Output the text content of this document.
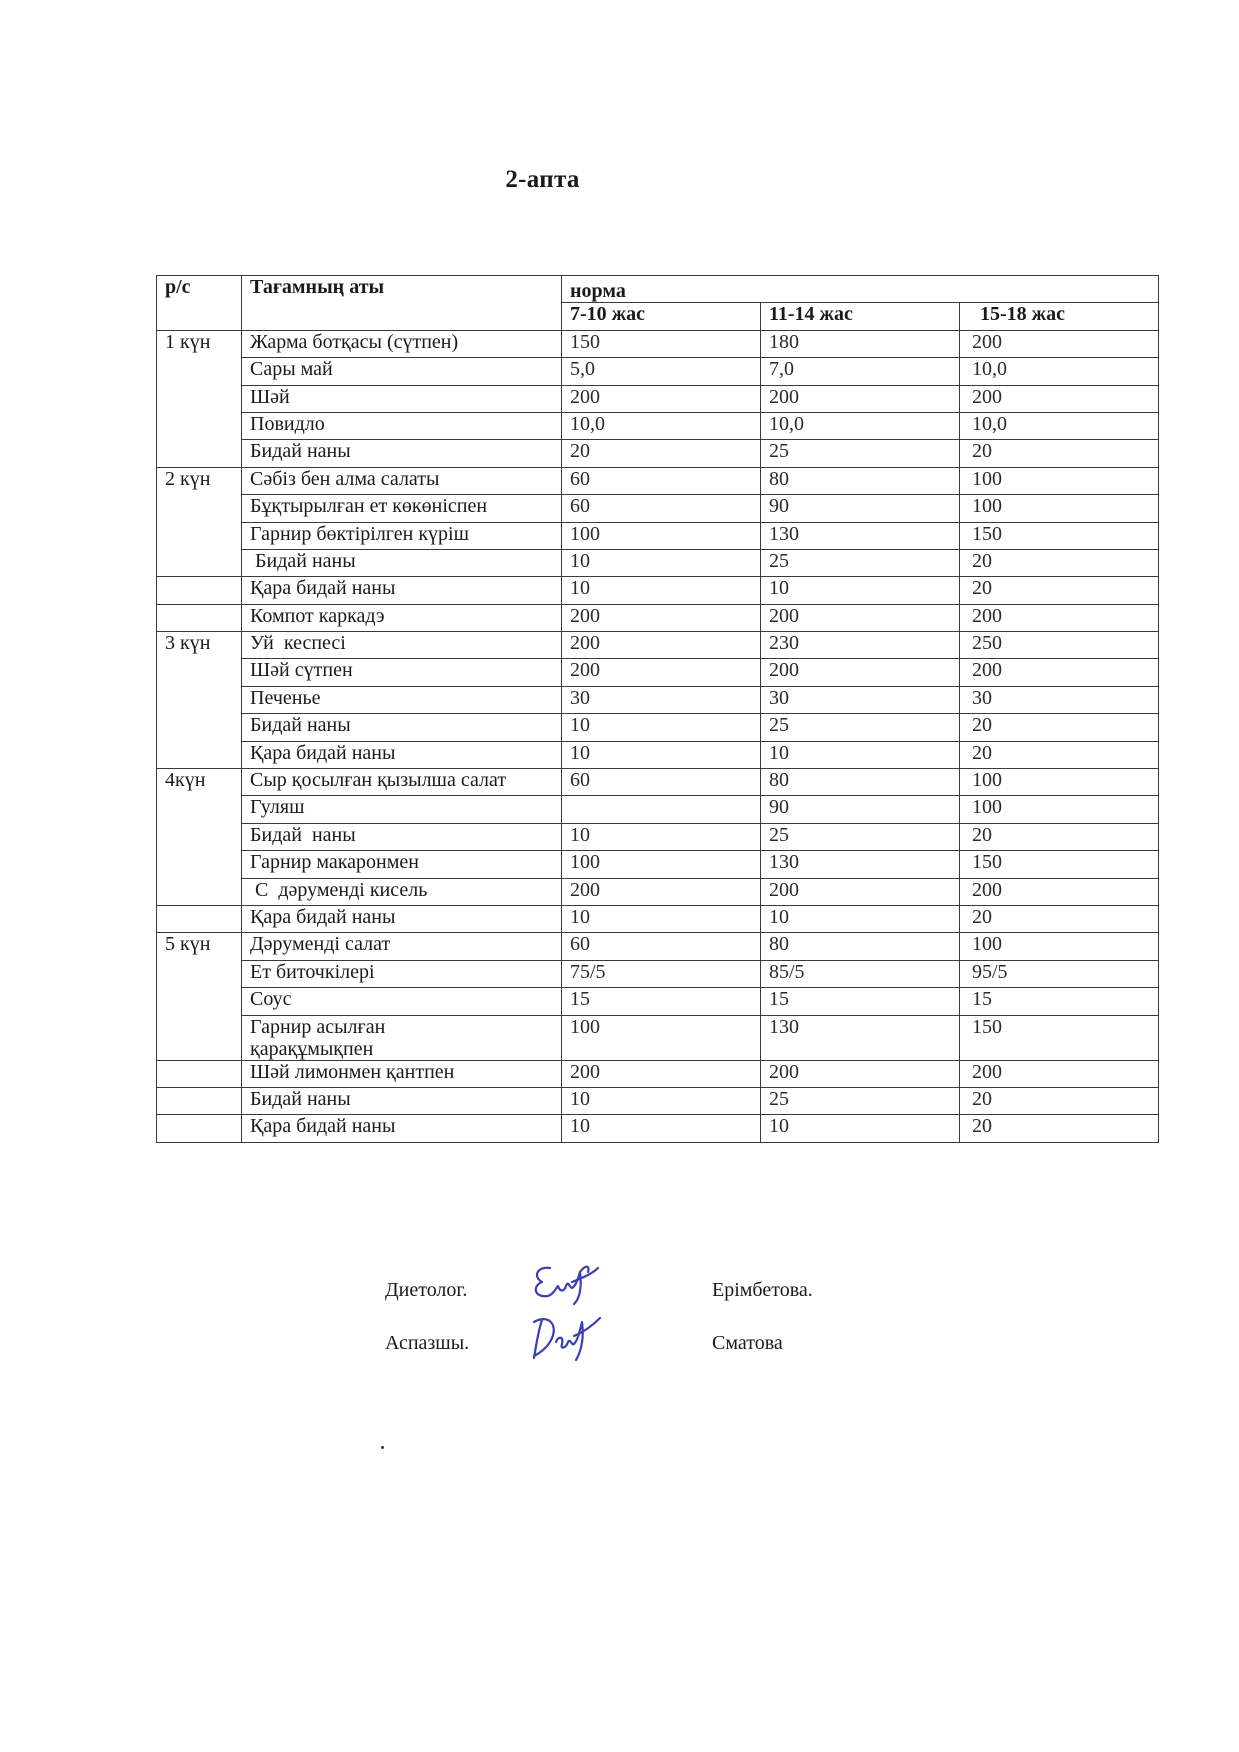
2-апта
р/с	Тағамның аты	норма		
		7-10 жас	11-14 жас	15-18 жас
1 күн	Жарма ботқасы (сүтпен)	150	180	200
	Сары май	5,0	7,0	10,0
	Шәй	200	200	200
	Повидло	10,0	10,0	10,0
	Бидай наны	20	25	20
2 күн	Сәбіз бен алма салаты	60	80	100
	Бұқтырылған ет көкөніспен	60	90	100
	Гарнир бөктірілген күріш	100	130	150
	Бидай наны	10	25	20
	Қара бидай наны	10	10	20
	Компот каркадэ	200	200	200
3 күн	Уй  кеспесі	200	230	250
	Шәй сүтпен	200	200	200
	Печенье	30	30	30
	Бидай наны	10	25	20
	Қара бидай наны	10	10	20
4күн	Сыр қосылған қызылша салат	60	80	100
	Гуляш		90	100
	Бидай  наны	10	25	20
	Гарнир макаронмен	100	130	150
	С  дәруменді кисель	200	200	200
	Қара бидай наны	10	10	20
5 күн	Дәруменді салат	60	80	100
	Ет биточкілері	75/5	85/5	95/5
	Соус	15	15	15
	Гарнир асылған қарақұмықпен	100	130	150
	Шәй лимонмен қантпен	200	200	200
	Бидай наны	10	25	20
	Қара бидай наны	10	10	20
Диетолог.	Ерімбетова.
Аспазшы.	Сматова
